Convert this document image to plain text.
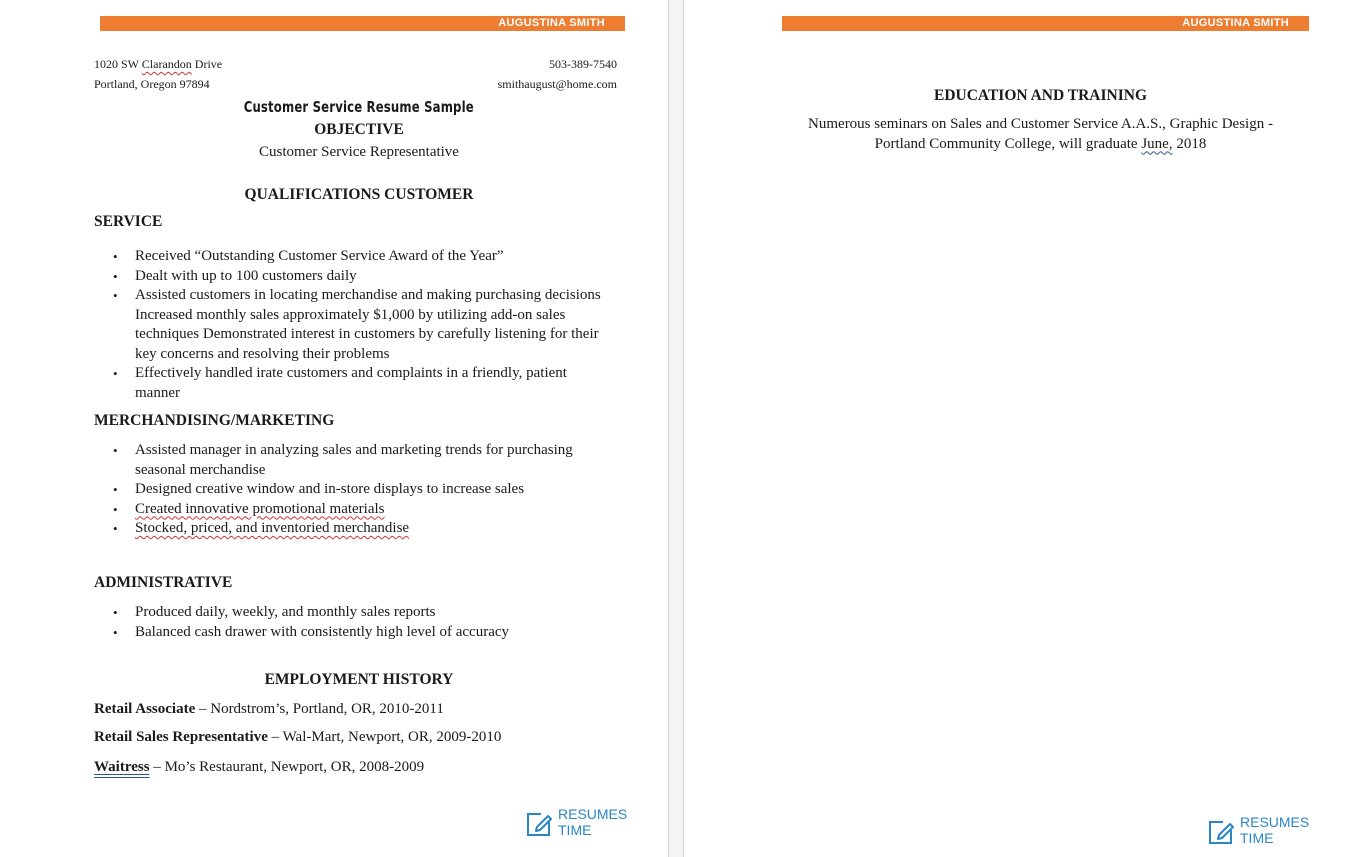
AUGUSTINA SMITH
1020 SW Clarandon Drive
Portland, Oregon 97894
503-389-7540
smithaugust@home.com
Customer Service Resume Sample
OBJECTIVE
Customer Service Representative
QUALIFICATIONS CUSTOMER
SERVICE
• Received “Outstanding Customer Service Award of the Year”
• Dealt with up to 100 customers daily
• Assisted customers in locating merchandise and making purchasing decisions
Increased monthly sales approximately $1,000 by utilizing add-on sales
techniques Demonstrated interest in customers by carefully listening for their
key concerns and resolving their problems
• Effectively handled irate customers and complaints in a friendly, patient
manner
MERCHANDISING/MARKETING
• Assisted manager in analyzing sales and marketing trends for purchasing
seasonal merchandise
• Designed creative window and in-store displays to increase sales
• Created innovative promotional materials
• Stocked, priced, and inventoried merchandise
ADMINISTRATIVE
• Produced daily, weekly, and monthly sales reports
• Balanced cash drawer with consistently high level of accuracy
EMPLOYMENT HISTORY
Retail Associate – Nordstrom’s, Portland, OR, 2010-2011
Retail Sales Representative – Wal-Mart, Newport, OR, 2009-2010
Waitress – Mo’s Restaurant, Newport, OR, 2008-2009
RESUMES
TIME
AUGUSTINA SMITH
EDUCATION AND TRAINING
Numerous seminars on Sales and Customer Service A.A.S., Graphic Design -
Portland Community College, will graduate June, 2018
RESUMES
TIME
